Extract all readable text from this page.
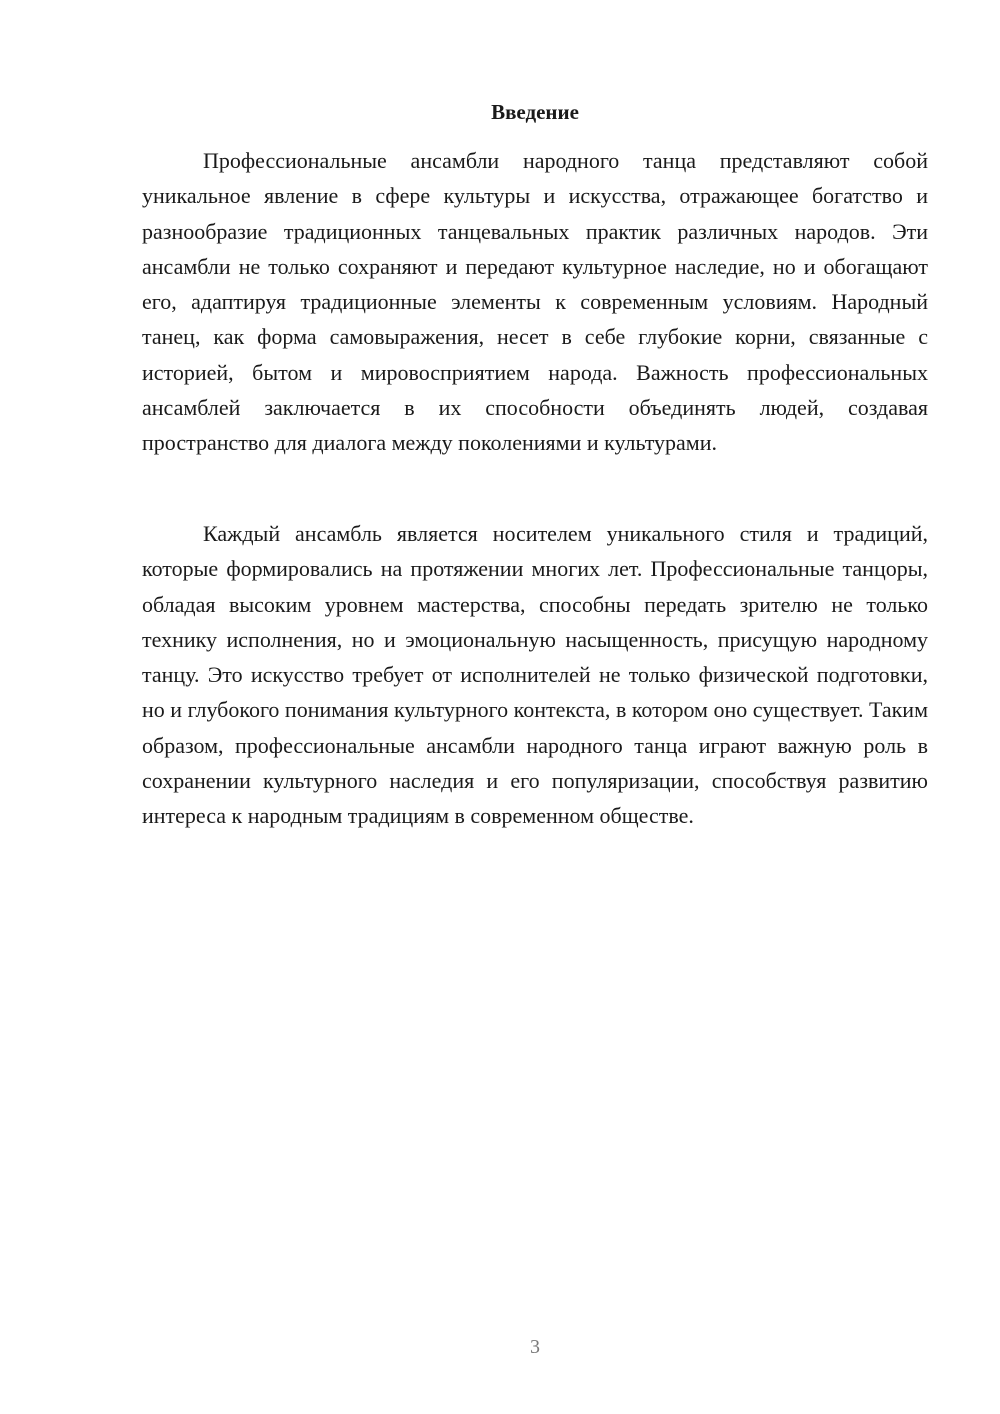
Введение

Профессиональные ансамбли народного танца представляют собой уникальное явление в сфере культуры и искусства, отражающее богатство и разнообразие традиционных танцевальных практик различных народов. Эти ансамбли не только сохраняют и передают культурное наследие, но и обогащают его, адаптируя традиционные элементы к современным условиям. Народный танец, как форма самовыражения, несет в себе глубокие корни, связанные с историей, бытом и мировосприятием народа. Важность профессиональных ансамблей заключается в их способности объединять людей, создавая пространство для диалога между поколениями и культурами.

Каждый ансамбль является носителем уникального стиля и традиций, которые формировались на протяжении многих лет. Профессиональные танцоры, обладая высоким уровнем мастерства, способны передать зрителю не только технику исполнения, но и эмоциональную насыщенность, присущую народному танцу. Это искусство требует от исполнителей не только физической подготовки, но и глубокого понимания культурного контекста, в котором оно существует. Таким образом, профессиональные ансамбли народного танца играют важную роль в сохранении культурного наследия и его популяризации, способствуя развитию интереса к народным традициям в современном обществе.

3
